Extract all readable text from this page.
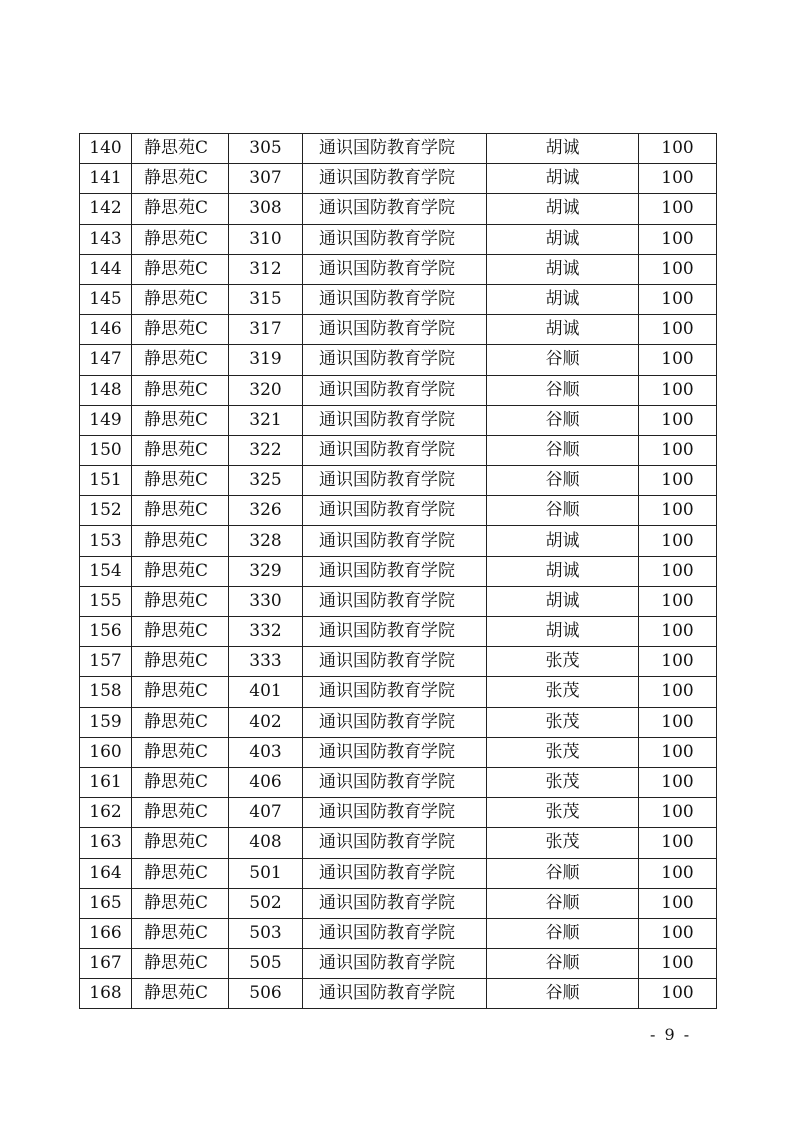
140	静思苑C	305	通识国防教育学院	胡诚	100
141	静思苑C	307	通识国防教育学院	胡诚	100
142	静思苑C	308	通识国防教育学院	胡诚	100
143	静思苑C	310	通识国防教育学院	胡诚	100
144	静思苑C	312	通识国防教育学院	胡诚	100
145	静思苑C	315	通识国防教育学院	胡诚	100
146	静思苑C	317	通识国防教育学院	胡诚	100
147	静思苑C	319	通识国防教育学院	谷顺	100
148	静思苑C	320	通识国防教育学院	谷顺	100
149	静思苑C	321	通识国防教育学院	谷顺	100
150	静思苑C	322	通识国防教育学院	谷顺	100
151	静思苑C	325	通识国防教育学院	谷顺	100
152	静思苑C	326	通识国防教育学院	谷顺	100
153	静思苑C	328	通识国防教育学院	胡诚	100
154	静思苑C	329	通识国防教育学院	胡诚	100
155	静思苑C	330	通识国防教育学院	胡诚	100
156	静思苑C	332	通识国防教育学院	胡诚	100
157	静思苑C	333	通识国防教育学院	张茂	100
158	静思苑C	401	通识国防教育学院	张茂	100
159	静思苑C	402	通识国防教育学院	张茂	100
160	静思苑C	403	通识国防教育学院	张茂	100
161	静思苑C	406	通识国防教育学院	张茂	100
162	静思苑C	407	通识国防教育学院	张茂	100
163	静思苑C	408	通识国防教育学院	张茂	100
164	静思苑C	501	通识国防教育学院	谷顺	100
165	静思苑C	502	通识国防教育学院	谷顺	100
166	静思苑C	503	通识国防教育学院	谷顺	100
167	静思苑C	505	通识国防教育学院	谷顺	100
168	静思苑C	506	通识国防教育学院	谷顺	100
- 9 -
